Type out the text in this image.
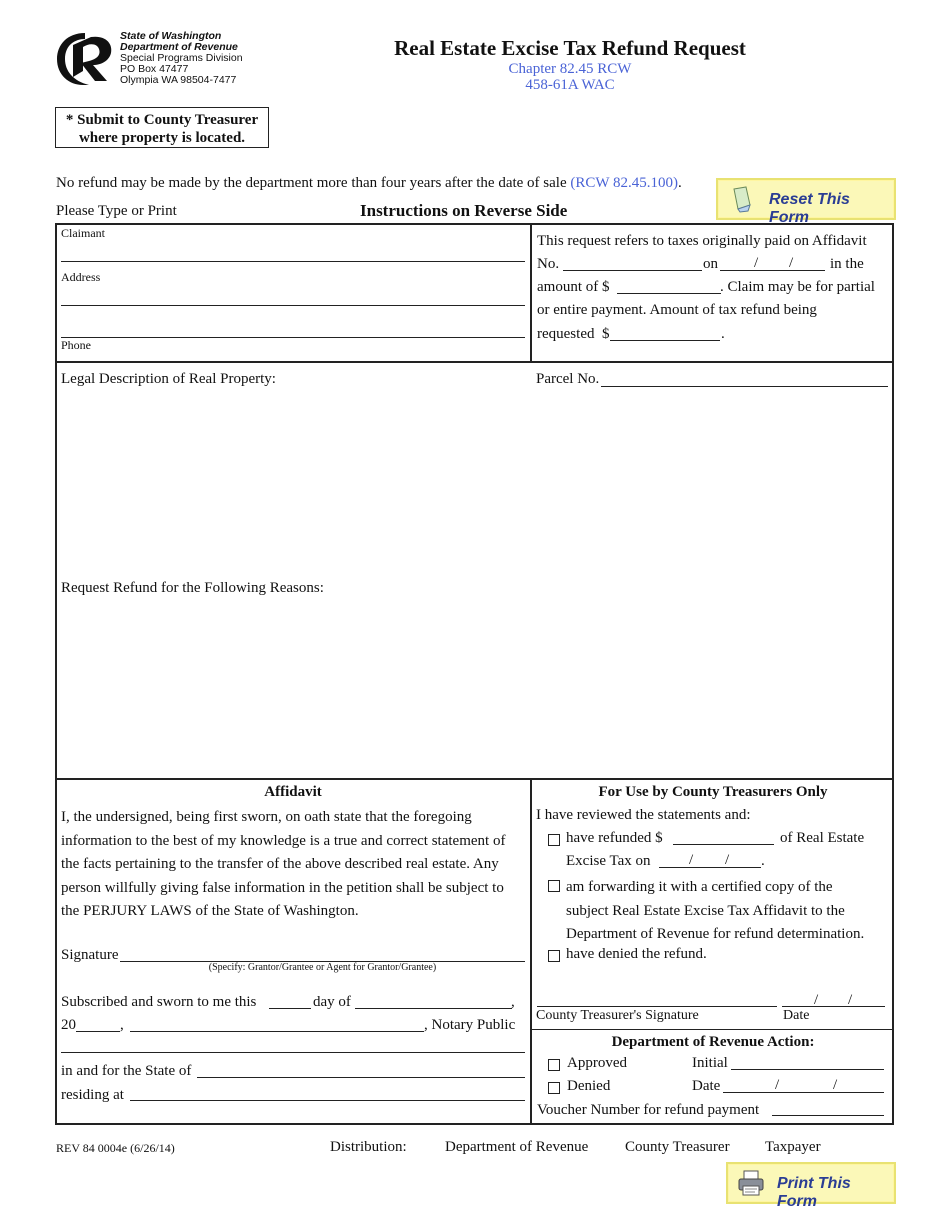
State of Washington
Department of Revenue
Special Programs Division
PO Box 47477
Olympia WA 98504-7477
Real Estate Excise Tax Refund Request
Chapter 82.45 RCW
458-61A WAC
* Submit to County Treasurer
where property is located.
No refund may be made by the department more than four years after the date of sale (RCW 82.45.100).
Reset This Form
Please Type or Print	Instructions on Reverse Side
Claimant
Address
Phone
This request refers to taxes originally paid on Affidavit
No.	on / / in the
amount of $	. Claim may be for partial
or entire payment. Amount of tax refund being
requested  $	.
Legal Description of Real Property:	Parcel No.
Request Refund for the Following Reasons:
Affidavit
I, the undersigned, being first sworn, on oath state that the foregoing
information to the best of my knowledge is a true and correct statement of
the facts pertaining to the transfer of the above described real estate. Any
person willfully giving false information in the petition shall be subject to
the PERJURY LAWS of the State of Washington.
Signature
(Specify: Grantor/Grantee or Agent for Grantor/Grantee)
Subscribed and sworn to me this	day of	,
20	,	, Notary Public
in and for the State of
residing at
For Use by County Treasurers Only
I have reviewed the statements and:
have refunded $	of Real Estate
Excise Tax on	/ / .
am forwarding it with a certified copy of the
subject Real Estate Excise Tax Affidavit to the
Department of Revenue for refund determination.
have denied the refund.
/ /
County Treasurer's Signature	Date
Department of Revenue Action:
Approved	Initial
Denied	Date	/	/
Voucher Number for refund payment
REV 84 0004e (6/26/14)	Distribution:	Department of Revenue County Treasurer Taxpayer
Print This Form
